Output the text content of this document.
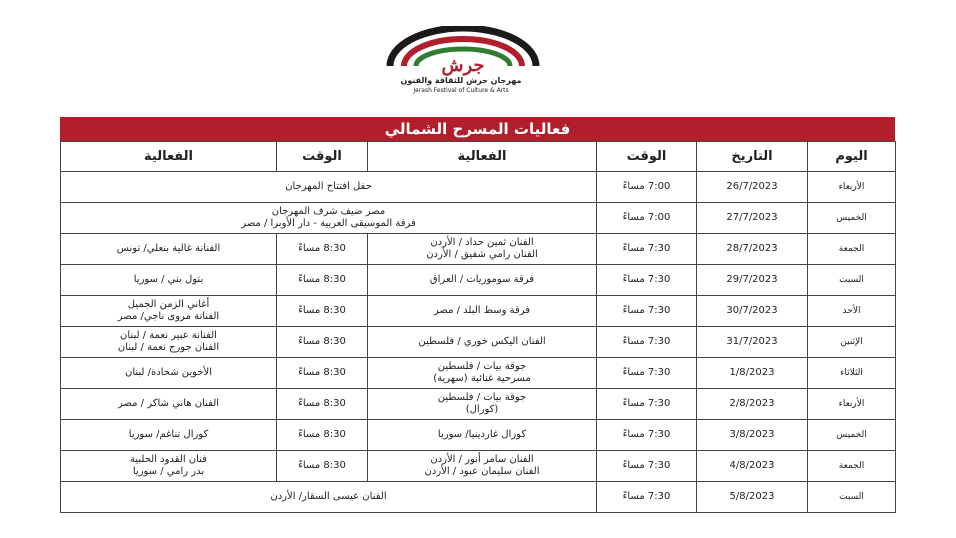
جرش
مهرجان جرش للثقافة والفنون
Jerash Festival of Culture & Arts
فعاليات المسرح الشمالي
اليوم	التاريخ	الوقت	الفعالية	الوقت	الفعالية
الأربعاء	26/7/2023	7:00 مساءً	حفل افتتاح المهرجان		

الخميس	27/7/2023	7:00 مساءً	مصر ضيف شرف المهرجان
فرقة الموسيقى العربية - دار الأوبرا / مصر		

الجمعة	28/7/2023	7:30 مساءً	الفنان ثمين حداد / الأردن
الفنان رامي شفيق / الأردن	8:30 مساءً	الفنانة غالية بنعلي/ تونس

السبت	29/7/2023	7:30 مساءً	فرقة سوموريات / العراق	8:30 مساءً	بتول بني / سوريا

الأحد	30/7/2023	7:30 مساءً	فرقة وسط البلد / مصر	8:30 مساءً	أغاني الزمن الجميل
الفنانة مروى ناجي/ مصر

الإثنين	31/7/2023	7:30 مساءً	الفنان اليكس خوري / فلسطين	8:30 مساءً	الفنانة عبير نعمة / لبنان
الفنان جورج نعمة / لبنان

الثلاثاء	1/8/2023	7:30 مساءً	جوقة بيات / فلسطين
مسرحية غنائية (سهرية)	8:30 مساءً	الأخوين شحادة/ لبنان

الأربعاء	2/8/2023	7:30 مساءً	جوقة بيات / فلسطين
(كورال)	8:30 مساءً	الفنان هاني شاكر / مصر

الخميس	3/8/2023	7:30 مساءً	كورال غاردينيا/ سوريا	8:30 مساءً	كورال تناغم/ سوريا

الجمعة	4/8/2023	7:30 مساءً	الفنان سامر أنور / الأردن
الفنان سليمان عبود / الأردن	8:30 مساءً	فنان القدود الحلبية
بدر رامي / سوريا

السبت	5/8/2023	7:30 مساءً	الفنان عيسى السقار/ الأردن		
